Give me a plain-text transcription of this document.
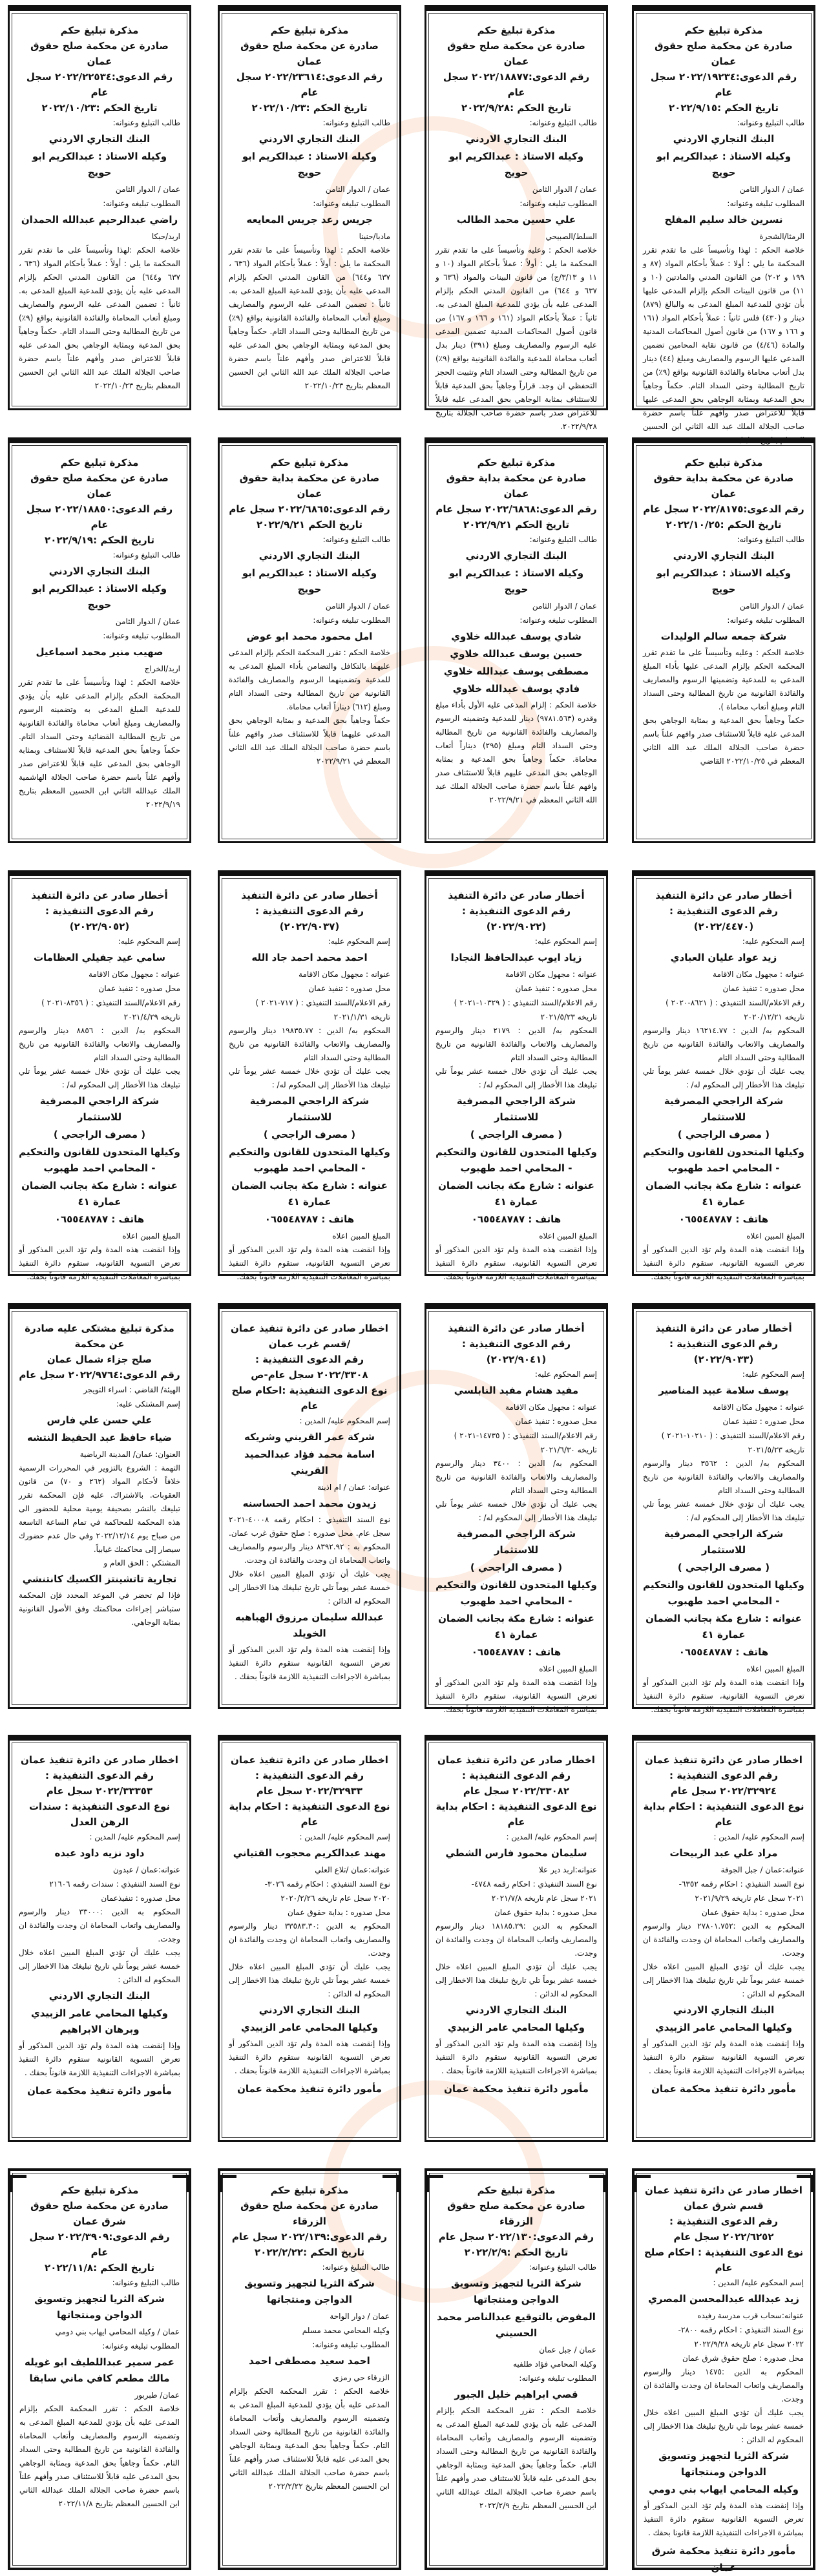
مذكرة تبليغ حكم
صادرة عن محكمة صلح حقوق عمان
رقم الدعوى:٢٠٢٢/١٩٢٣٤ سجل عام
تاريخ الحكم :٢٠٢٢/٩/١٥
طالب التبليغ وعنوانه:
البنك التجاري الاردني
وكيله الاستاذ : عبدالكريم ابو حويج
عمان / الدوار الثامن
المطلوب تبليغه وعنوانه:
نسرين خالد سليم المفلح
الرمثا/الشجرة
خلاصة الحكم : لهذا وتأسيساً على ما تقدم تقرر المحكمة ما يلي : أولا : عملاً بأحكام المواد (٨٧ و ١٩٩ و ٢٠٢) من القانون المدني والمادتين (١٠ و ١١) من قانون البينات الحكم بإلزام المدعى عليها بأن تؤدي للمدعية المبلغ المدعى به والبالغ (٨٧٩) دينار و (٤٣٠) فلس ثانياً : عملاً بأحكام المواد (١٦١ و ١٦٦ و ١٦٧) من قانون أصول المحاكمات المدنية والمادة (٤/٤٦) من قانون نقابة المحامين تضمين المدعى عليها الرسوم والمصاريف ومبلغ (٤٤) دينار بدل أتعاب محاماة والفائدة القانونية بواقع (٩٪) من تاريخ المطالبة وحتى السداد التام. حكماً وجاهياً بحق المدعية وبمثابة الوجاهي بحق المدعى عليها قابلاً للاعتراض صدر وأفهم علناً باسم حضرة صاحب الجلالة الملك عبد الله الثاني ابن الحسين المعظم بتاريخ ٢٠٢٢/٩/١٥
مذكرة تبليغ حكم
صادرة عن محكمة صلح حقوق عمان
رقم الدعوى:٢٠٢٢/١٨٨٧٧ سجل عام
تاريخ الحكم :٢٠٢٢/٩/٢٨
طالب التبليغ وعنوانه:
البنك التجاري الاردني
وكيله الاستاذ : عبدالكريم ابو حويج
عمان / الدوار الثامن
المطلوب تبليغه وعنوانه:
علي حسين محمد الطالب
السلط/الصبيحي
خلاصة الحكم : وعليه وتأسيساً على ما تقدم تقرر المحكمة ما يلي : أولاً : عملاً بأحكام المواد (١٠ و ١١ و ٣/١٣/ج) من قانون البينات والمواد (٦٣٦ و ٦٣٧ و ٦٤٤) من القانون المدني الحكم بإلزام المدعى عليه بأن يؤدي للمدعية المبلغ المدعى به. ثانياً : عملاً بأحكام المواد (١٦١ و ١٦٦ و ١٦٧) من قانون أصول المحاكمات المدنية تضمين المدعى عليه الرسوم والمصاريف ومبلغ (٣٩١) دينار بدل أتعاب محاماة للمدعية والفائدة القانونية بواقع (٩٪) من تاريخ المطالبة وحتى السداد التام وتثبيت الحجز التحفظي ان وجد. قراراً وجاهياً بحق المدعية قابلاً للاستئناف بمثابة الوجاهي بحق المدعى عليه قابلاً للاعتراض صدر باسم حضرة صاحب الجلالة بتاريخ ٢٠٢٢/٩/٢٨.
مذكرة تبليغ حكم
صادرة عن محكمة صلح حقوق عمان
رقم الدعوى:٢٠٢٢/٢٣٦١٤ سجل عام
تاريخ الحكم :٢٠٢٢/١٠/٢٣
طالب التبليغ وعنوانه:
البنك التجاري الاردني
وكيله الاستاذ : عبدالكريم ابو حويج
عمان / الدوار الثامن
المطلوب تبليغه وعنوانه:
جريس رعد جريس المعايعه
مادبا/حنينا
خلاصة الحكم : لهذا وتأسيساً على ما تقدم تقرر المحكمة ما يلي : أولاً : عملاً بأحكام المواد (٦٣٦ ، ٦٣٧ و٦٤٤) من القانون المدني الحكم بإلزام المدعى عليه بأن يؤدي للمدعية المبلغ المدعى به. ثانياً : تضمين المدعى عليه الرسوم والمصاريف ومبلغ أتعاب المحاماة والفائدة القانونية بواقع (٩٪) من تاريخ المطالبة وحتى السداد التام. حكماً وجاهياً بحق المدعية وبمثابة الوجاهي بحق المدعى عليه قابلاً للاعتراض صدر وأفهم علناً باسم حضرة صاحب الجلالة الملك عبد الله الثاني ابن الحسين المعظم بتاريخ ٢٠٢٢/١٠/٢٣
مذكرة تبليغ حكم
صادرة عن محكمة صلح حقوق عمان
رقم الدعوى:٢٠٢٢/٢٢٥٣٤ سجل عام
تاريخ الحكم :٢٠٢٢/١٠/٢٣
طالب التبليغ وعنوانه:
البنك التجاري الاردني
وكيله الاستاذ : عبدالكريم ابو حويج
عمان / الدوار الثامن
المطلوب تبليغه وعنوانه:
راضي عبدالرحيم عبدالله الحمدان
اربد/حبكا
خلاصة الحكم :لهذا وتأسيساً على ما تقدم تقرر المحكمة ما يلي : أولاً : عملاً بأحكام المواد (٦٣٦ ، ٦٣٧ و٦٤٤) من القانون المدني الحكم بإلزام المدعى عليه بأن يؤدي للمدعية المبلغ المدعى به. ثانياً : تضمين المدعى عليه الرسوم والمصاريف ومبلغ أتعاب المحاماة والفائدة القانونية بواقع (٩٪) من تاريخ المطالبة وحتى السداد التام. حكماً وجاهياً بحق المدعية وبمثابة الوجاهي بحق المدعى عليه قابلاً للاعتراض صدر وأفهم علناً باسم حضرة صاحب الجلالة الملك عبد الله الثاني ابن الحسين المعظم بتاريخ ٢٠٢٢/١٠/٢٣
مذكرة تبليغ حكم
صادرة عن محكمة بداية حقوق عمان
رقم الدعوى:٢٠٢٢/٨١٧٥ سجل عام
تاريخ الحكم :٢٠٢٢/١٠/٢٥
طالب التبليغ وعنوانه:
البنك التجاري الاردني
وكيله الاستاذ : عبدالكريم ابو حويج
عمان / الدوار الثامن
المطلوب تبليغه وعنوانه:
شركة جمعه سالم الوليدات
خلاصة الحكم : وعليه وتأسيساً على ما تقدم تقرر المحكمة الحكم بإلزام المدعى عليها بأداء المبلغ المدعى به للمدعية وتضمينها الرسوم والمصاريف والفائدة القانونية من تاريخ المطالبة وحتى السداد التام ومبلغ أتعاب محاماة ).
حكماً وجاهياً بحق المدعية و بمثابة الوجاهي بحق المدعى عليه قابلاً للاستئناف صدر وافهم علناً باسم حضرة صاحب الجلالة الملك عبد الله الثاني المعظم في ٢٠٢٢/١٠/٢٥ القاضي
مذكرة تبليغ حكم
صادرة عن محكمة بداية حقوق عمان
رقم الدعوى:٢٠٢٢/٦٨٦٨ سجل عام
تاريخ الحكم ٢٠٢٢/٩/٢١
طالب التبليغ وعنوانه:
البنك التجاري الاردني
وكيله الاستاذ : عبدالكريم ابو حويج
عمان / الدوار الثامن
المطلوب تبليغه وعنوانه:
شادي يوسف عبدالله خلاوي
حسين يوسف عبدالله خلاوي
مصطفى يوسف عبدالله خلاوي
فادي يوسف عبدالله خلاوي
خلاصة الحكم : إلزام المدعى عليه الأول بأداء مبلغ وقدره (٩٧٨١.٥٦٣) دينار للمدعية وتضمينه الرسوم والمصاريف والفائدة القانونية من تاريخ المطالبة وحتى السداد التام ومبلغ (٢٩٥) ديناراً أتعاب محاماة. حكماً وجاهياً بحق المدعية و بمثابة الوجاهي بحق المدعى عليهم قابلاً للاستئناف صدر وافهم علناً باسم حضرة صاحب الجلالة الملك عبد الله الثاني المعظم في ٢٠٢٢/٩/٢١
مذكرة تبليغ حكم
صادرة عن محكمة بداية حقوق عمان
رقم الدعوى:٢٠٢٢/٦٨٦٥ سجل عام
تاريخ الحكم ٢٠٢٢/٩/٢١
طالب التبليغ وعنوانه:
البنك التجاري الاردني
وكيله الاستاذ : عبدالكريم ابو حويج
عمان / الدوار الثامن
المطلوب تبليغه وعنوانه:
امل محمود محمد ابو عوض
خلاصة الحكم : تقرر المحكمة الحكم بإلزام المدعى عليهما بالتكافل والتضامن بأداء المبلغ المدعى به للمدعية وتضمينهما الرسوم والمصاريف والفائدة القانونية من تاريخ المطالبة وحتى السداد التام ومبلغ (٦١٢) ديناراً أتعاب محاماة.
حكماً وجاهياً بحق المدعية و بمثابة الوجاهي بحق المدعى عليهما قابلاً للاستئناف صدر وافهم علناً باسم حضرة صاحب الجلالة الملك عبد الله الثاني المعظم في ٢٠٢٢/٩/٢١
مذكرة تبليغ حكم
صادرة عن محكمة صلح حقوق عمان
رقم الدعوى:٢٠٢٢/١٨٨٥٠ سجل عام
تاريخ الحكم :٢٠٢٢/٩/١٩
طالب التبليغ وعنوانه:
البنك التجاري الاردني
وكيله الاستاذ : عبدالكريم ابو حويج
عمان / الدوار الثامن
المطلوب تبليغه وعنوانه:
صهيب منير محمد اسماعيل
اربد/الخراج
خلاصة الحكم : لهذا وتأسيساً على ما تقدم تقرر المحكمة الحكم بإلزام المدعى عليه بأن يؤدي للمدعية المبلغ المدعى به وتضمينه الرسوم والمصاريف ومبلغ أتعاب محاماة والفائدة القانونية من تاريخ المطالبة القضائية وحتى السداد التام. حكماً وجاهياً بحق المدعية قابلاً للاستئناف وبمثابة الوجاهي بحق المدعى عليه قابلاً للاعتراض صدر وأفهم علناً باسم حضرة صاحب الجلالة الهاشمية الملك عبدالله الثاني ابن الحسين المعظم بتاريخ ٢٠٢٢/٩/١٩
أخطار صادر عن دائرة التنفيذ
رقم الدعوى التنفيذية :
(٢٠٢٢/٤٤٧٠)
إسم المحكوم عليه:
زيد عواد عليان العبادي
عنوانه : مجهول مكان الاقامة
محل صدوره : تنفيذ عمان
رقم الاعلام/السند التنفيذي : ( ٨٦٢١-٢٠٢٠ )
تاريخه ٢٠٢٠/١٢/٢١
المحكوم به/ الدين : ١٦٢١٤.٧٧ دينار والرسوم والمصاريف والاتعاب والفائدة القانونية من تاريخ المطالبة وحتى السداد التام
يجب عليك أن تؤدي خلال خمسة عشر يوماً تلي تبليغك هذا الأخطار إلى المحكوم له/ :
شركة الراجحي المصرفية للاستثمار
( مصرف الراجحي )
وكيلها المتحدون للقانون والتحكيم - المحامي احمد طهبوب
عنوانه : شارع مكة بجانب الضمان عمارة ٤١
هاتف : ٠٦٥٥٤٨٧٨٧
المبلغ المبين اعلاه
وإذا انقضت هذه المدة ولم تؤد الدين المذكور أو تعرض التسوية القانونية، ستقوم دائرة التنفيذ بمباشرة المعاملات التنفيذية اللازمة قانوناً بحقك.
أخطار صادر عن دائرة التنفيذ
رقم الدعوى التنفيذية :
(٢٠٢٢/٩٠٢٢)
إسم المحكوم عليه:
زياد ايوب عبدالحافظ النجادا
عنوانه : مجهول مكان الاقامة
محل صدوره : تنفيذ عمان
رقم الاعلام/السند التنفيذي : ( ١٠٣٢٩-٢٠٢١ )
تاريخه ٢٠٢١/٥/٢٣
المحكوم به/ الدين : ٢١٧٩ دينار والرسوم والمصاريف والاتعاب والفائدة القانونية من تاريخ المطالبة وحتى السداد التام
يجب عليك أن تؤدي خلال خمسة عشر يوماً تلي تبليغك هذا الأخطار إلى المحكوم له/ :
شركة الراجحي المصرفية للاستثمار
( مصرف الراجحي )
وكيلها المتحدون للقانون والتحكيم - المحامي احمد طهبوب
عنوانه : شارع مكة بجانب الضمان عمارة ٤١
هاتف : ٠٦٥٥٤٨٧٨٧
المبلغ المبين اعلاه
وإذا انقضت هذه المدة ولم تؤد الدين المذكور أو تعرض التسوية القانونية، ستقوم دائرة التنفيذ بمباشرة المعاملات التنفيذية اللازمة قانوناً بحقك.
أخطار صادر عن دائرة التنفيذ
رقم الدعوى التنفيذية :
(٢٠٢٢/٩٠٣٧)
إسم المحكوم عليه:
احمد محمد احمد جاد الله
عنوانه : مجهول مكان الاقامة
محل صدوره : تنفيذ عمان
رقم الاعلام/السند التنفيذي : ( ٧١٧-٢٠٢١ )
تاريخه ٢٠٢١/١/٣١
المحكوم به/ الدين : ١٩٨٣٥.٧٧ دينار والرسوم والمصاريف والاتعاب والفائدة القانونية من تاريخ المطالبة وحتى السداد التام
يجب عليك أن تؤدي خلال خمسة عشر يوماً تلي تبليغك هذا الأخطار إلى المحكوم له/ :
شركة الراجحي المصرفية للاستثمار
( مصرف الراجحي )
وكيلها المتحدون للقانون والتحكيم - المحامي احمد طهبوب
عنوانه : شارع مكة بجانب الضمان عمارة ٤١
هاتف : ٠٦٥٥٤٨٧٨٧
المبلغ المبين اعلاه
وإذا انقضت هذه المدة ولم تؤد الدين المذكور أو تعرض التسوية القانونية، ستقوم دائرة التنفيذ بمباشرة المعاملات التنفيذية اللازمة قانوناً بحقك.
أخطار صادر عن دائرة التنفيذ
رقم الدعوى التنفيذية :
(٢٠٢٢/٩٠٥٢)
إسم المحكوم عليه:
سامي عيد جفيلي العظامات
عنوانه : مجهول مكان الاقامة
محل صدوره : تنفيذ عمان
رقم الاعلام/السند التنفيذي : ( ٨٣٥٦-٢٠٢١ )
تاريخه ٢٠٢١/٤/٢٩
المحكوم به/ الدين : ٨٨٥٦ دينار والرسوم والمصاريف والاتعاب والفائدة القانونية من تاريخ المطالبة وحتى السداد التام
يجب عليك أن تؤدي خلال خمسة عشر يوماً تلي تبليغك هذا الأخطار إلى المحكوم له/ :
شركة الراجحي المصرفية للاستثمار
( مصرف الراجحي )
وكيلها المتحدون للقانون والتحكيم - المحامي احمد طهبوب
عنوانه : شارع مكة بجانب الضمان عمارة ٤١
هاتف : ٠٦٥٥٤٨٧٨٧
المبلغ المبين اعلاه
وإذا انقضت هذه المدة ولم تؤد الدين المذكور أو تعرض التسوية القانونية، ستقوم دائرة التنفيذ بمباشرة المعاملات التنفيذية اللازمة قانوناً بحقك.
أخطار صادر عن دائرة التنفيذ
رقم الدعوى التنفيذية :
(٢٠٢٢/٩٠٣٣)
إسم المحكوم عليه:
يوسف سلامة عبيد المناصير
عنوانه : مجهول مكان الاقامة
محل صدوره : تنفيذ عمان
رقم الاعلام/السند التنفيذي : ( ١٠٢١٠-٢٠٢١ )
تاريخه ٢٠٢١/٥/٢٣
المحكوم به/ الدين : ٣٥٦٢ دينار والرسوم والمصاريف والاتعاب والفائدة القانونية من تاريخ المطالبة وحتى السداد التام
يجب عليك أن تؤدي خلال خمسة عشر يوماً تلي تبليغك هذا الأخطار إلى المحكوم له/ :
شركة الراجحي المصرفية للاستثمار
( مصرف الراجحي )
وكيلها المتحدون للقانون والتحكيم - المحامي احمد طهبوب
عنوانه : شارع مكة بجانب الضمان عمارة ٤١
هاتف : ٠٦٥٥٤٨٧٨٧
المبلغ المبين اعلاه
وإذا انقضت هذه المدة ولم تؤد الدين المذكور أو تعرض التسوية القانونية، ستقوم دائرة التنفيذ بمباشرة المعاملات التنفيذية اللازمة قانوناً بحقك.
أخطار صادر عن دائرة التنفيذ
رقم الدعوى التنفيذية :
(٢٠٢٢/٩٠٤١)
إسم المحكوم عليه:
مفيد هشام مفيد النابلسي
عنوانه : مجهول مكان الاقامة
محل صدوره : تنفيذ عمان
رقم الاعلام/السند التنفيذي : ( ١٤٧٣٥-٢٠٢١ )
تاريخه ٢٠٢١/٦/٣٠
المحكوم به/ الدين : ٣٤٠٠ دينار والرسوم والمصاريف والاتعاب والفائدة القانونية من تاريخ المطالبة وحتى السداد التام
يجب عليك أن تؤدي خلال خمسة عشر يوماً تلي تبليغك هذا الأخطار إلى المحكوم له/ :
شركة الراجحي المصرفية للاستثمار
( مصرف الراجحي )
وكيلها المتحدون للقانون والتحكيم - المحامي احمد طهبوب
عنوانه : شارع مكة بجانب الضمان عمارة ٤١
هاتف : ٠٦٥٥٤٨٧٨٧
المبلغ المبين اعلاه
وإذا انقضت هذه المدة ولم تؤد الدين المذكور أو تعرض التسوية القانونية، ستقوم دائرة التنفيذ بمباشرة المعاملات التنفيذية اللازمة قانوناً بحقك.
اخطار صادر عن دائرة تنفيذ عمان /قسم غرب عمان
رقم الدعوى التنفيذية :
٢٠٢٢/٣٣٠٨ سجل عام-ص
نوع الدعوى التنفيذية :احكام صلح عام
إسم المحكوم عليه/ المدين :
شركة عمر القريني وشريكه
اسامة محمد فؤاد عبدالحميد القريني
عنوانه: عمان / ام اذينة
زيدون محمد احمد الحساسنه
نوع السند التنفيذي : احكام رقمه ٤٠٠٠٨-٢٠٢١ سجل عام. محل صدوره : صلح حقوق غرب عمان. المحكوم به : ٨٣٩٢.٩٢ دينار والرسوم والمصاريف واتعاب المحاماة ان وجدت والفائدة ان وجدت.
يجب عليك أن تؤدي المبلغ المبين اعلاه خلال خمسة عشر يوماً تلي تاريخ تبليغك هذا الاخطار إلى المحكوم له الدائن :
عبدالله سليمان مرزوق الهباهبه الخويلد
وإذا إنقضت هذه المدة ولم تؤد الدين المذكور أو تعرض التسوية القانونية ستقوم دائرة التنفيذ بمباشرة الاجراءات التنفيذية اللازمة قانوناً بحقك .
مذكرة تبليغ مشتكى عليه صادرة عن محكمة
صلح جزاء شمال عمان
رقم الدعوى:٢٠٢٢/٩٧٦٤ سجل عام
الهيئة/ القاضي : اسراء التويجر
إسم المشتكى عليه:
علي حسن علي فارس
ضياء حافظ عبد الحفيظ النتشه
العنوان: عمان/ المدينة الرياضية
التهمة : الشروع بالتزوير في المحررات الرسمية خلافاً لأحكام المواد (٢٦٢ و ٧٠) من قانون العقوبات. بالاشتراك. عليه فإن المحكمة تقرر تبليغك بالنشر بصحيفة يومية محلية للحضور الى هذه المحكمة للمحاكمة في تمام الساعة التاسعة من صباح يوم ٢٠٢٢/١٢/١٤ وفي حال عدم حضورك سيصار إلى محاكمتك غيابياً.
المشتكي : الحق العام و
تجارية تاتشينتز الكسيك كانتنشي
فإذا لم تحضر في الموعد المحدد فإن المحكمة ستباشر إجراءات محاكمتك وفق الأصول القانونية بمثابة الوجاهي.
اخطار صادر عن دائرة تنفيذ عمان
رقم الدعوى التنفيذية :
٢٠٢٢/٣٢٩٢٤ سجل عام
نوع الدعوى التنفيذية : احكام بداية عام
إسم المحكوم عليه/ المدين :
مراد علي عبد الربيحات
عنوانه:عمان / جبل الجوفة
نوع السند التنفيذي : احكام رقمه ٦٣٥٢-
٢٠٢١ سجل عام تاريخه ٢٠٢١/٩/٢٩
محل صدوره : بداية حقوق عمان
المحكوم به الدين :٢٧٨٠١.٧٥٢ دينار والرسوم والمصاريف واتعاب المحاماة ان وجدت والفائدة ان وجدت.
يجب عليك أن تؤدي المبلغ المبين اعلاه خلال خمسة عشر يوماً تلي تاريخ تبليغك هذا الاخطار إلى المحكوم له الدائن :
البنك التجاري الاردني
وكيلها المحامي عامر الزبيدي
وإذا إنقضت هذه المدة ولم تؤد الدين المذكور أو تعرض التسوية القانونية ستقوم دائرة التنفيذ بمباشرة الاجراءات التنفيذية اللازمة قانوناً بحقك .
مأمور دائرة تنفيذ محكمة عمان
اخطار صادر عن دائرة تنفيذ عمان
رقم الدعوى التنفيذية :
٢٠٢٢/٣٣٠٨٢ سجل عام
نوع الدعوى التنفيذية : احكام بداية عام
إسم المحكوم عليه/ المدين :
سليمان محمود فارس الشطي
عنوانه:اربد دير علا
نوع السند التنفيذي : احكام رقمه ٤٧٤٨-
٢٠٢١ سجل عام تاريخه ٢٠٢١/٧/٨
محل صدوره : بداية حقوق عمان
المحكوم به الدين :١٨١٨٥.٢٩ دينار والرسوم والمصاريف واتعاب المحاماة ان وجدت والفائدة ان وجدت.
يجب عليك أن تؤدي المبلغ المبين اعلاه خلال خمسة عشر يوماً تلي تاريخ تبليغك هذا الاخطار إلى المحكوم له الدائن :
البنك التجاري الاردني
وكيلها المحامي عامر الزبيدي
وإذا إنقضت هذه المدة ولم تؤد الدين المذكور أو تعرض التسوية القانونية ستقوم دائرة التنفيذ بمباشرة الاجراءات التنفيذية اللازمة قانوناً بحقك .
مأمور دائرة تنفيذ محكمة عمان
اخطار صادر عن دائرة تنفيذ عمان
رقم الدعوى التنفيذية :
٢٠٢٢/٣٢٩٣٣ سجل عام
نوع الدعوى التنفيذية : احكام بداية عام
إسم المحكوم عليه/ المدين :
مهند عبدالكريم محجوب القتياني
عنوانه:عمان /تلاع العلي
نوع السند التنفيذي : احكام رقمه ٣٠٢٦-
٢٠٢٠ سجل عام تاريخه ٢٠٢٠/٢/٢٦
محل صدوره : بداية حقوق عمان
المحكوم به الدين :٣٣٥٨٣.٣٠ دينار والرسوم والمصاريف واتعاب المحاماة ان وجدت والفائدة ان وجدت.
يجب عليك أن تؤدي المبلغ المبين اعلاه خلال خمسة عشر يوماً تلي تاريخ تبليغك هذا الاخطار إلى المحكوم له الدائن :
البنك التجاري الاردني
وكيلها المحامي عامر الزبيدي
وإذا إنقضت هذه المدة ولم تؤد الدين المذكور أو تعرض التسوية القانونية ستقوم دائرة التنفيذ بمباشرة الاجراءات التنفيذية اللازمة قانوناً بحقك .
مأمور دائرة تنفيذ محكمة عمان
اخطار صادر عن دائرة تنفيذ عمان
رقم الدعوى التنفيذية :
٢٠٢٢/٣٣٣٥٣ سجل عام
نوع الدعوى التنفيذية : سندات الرهن العدل
إسم المحكوم عليه/ المدين :
داود نزيه داود عبده
عنوانه:عمان / عبدون
نوع السند التنفيذي : سندات رقمه ٢١٦٠٦
محل صدوره : تنفيذعمان
المحكوم به الدين :٣٣٠٠٠ دينار والرسوم والمصاريف واتعاب المحاماة ان وجدت والفائدة ان وجدت.
يجب عليك أن تؤدي المبلغ المبين اعلاه خلال خمسة عشر يوماً تلي تاريخ تبليغك هذا الاخطار إلى المحكوم له الدائن :
البنك التجاري الاردني
وكيلها المحامي عامر الزبيدي وبرهان الابراهيم
وإذا إنقضت هذه المدة ولم تؤد الدين المذكور أو تعرض التسوية القانونية ستقوم دائرة التنفيذ بمباشرة الاجراءات التنفيذية اللازمة قانوناً بحقك .
مأمور دائرة تنفيذ محكمة عمان
اخطار صادر عن دائرة تنفيذ عمان
قسم شرق عمان
رقم الدعوى التنفيذية :
٢٠٢٢/٦٢٥٢ سجل عام
نوع الدعوى التنفيذية : احكام صلح عام
إسم المحكوم عليه/ المدين :
زيد عبدالله عبدالمحسن المصري
عنوانه:سحاب قرب مدرسة رفيده
نوع السند التنفيذي : احكام رقمه ٢٨٠٠-
٢٠٢٢ سجل عام تاريخه ٢٠٢٢/٩/٢٨
محل صدوره : صلح حقوق شرق عمان
المحكوم به الدين :١٤٧٥ دينار والرسوم والمصاريف واتعاب المحاماة ان وجدت والفائدة ان وجدت.
يجب عليك أن تؤدي المبلغ المبين اعلاه خلال خمسة عشر يوما تلي تاريخ تبليغك هذا الاخطار إلى المحكوم له الدائن :
شركة الثريا لتجهيز وتسويق الدواجن ومنتجاتها
وكيله المحامي ايهاب بني دومي
وإذا إنقضت هذه المدة ولم تؤد الدين المذكور أو تعرض التسوية القانونية ستقوم دائرة التنفيذ بمباشرة الاجراءات التنفيذية اللازمة قانونا بحقك .
مأمور دائرة تنفيذ محكمة شرق عمان
مذكرة تبليغ حكم
صادرة عن محكمة صلح حقوق الزرقاء
رقم الدعوى:٢٠٢٢/١٣٠ سجل عام
تاريخ الحكم :٢٠٢٢/٢/٩
طالب التبليغ وعنوانه:
شركة الثريا لتجهيز وتسويق الدواجن ومنتجاتها
المفوض بالتوقيع عبدالناصر محمد الحسيني
عمان / جبل عمان
وكيله المحامي فؤاد طلفيه
المطلوب تبليغه وعنوانه:
قصي ابراهيم خليل الجبور
خلاصة الحكم : تقرر المحكمة الحكم بإلزام المدعى عليه بأن يؤدي للمدعية المبلغ المدعى به وتضمينه الرسوم والمصاريف وأتعاب المحاماة والفائدة القانونية من تاريخ المطالبة وحتى السداد التام. حكماً وجاهياً بحق المدعية وبمثابة الوجاهي بحق المدعى عليه قابلاً للاستئناف صدر وأفهم علناً باسم حضرة صاحب الجلالة الملك عبدالله الثاني ابن الحسين المعظم بتاريخ ٢٠٢٢/٢/٩
مذكرة تبليغ حكم
صادرة عن محكمة صلح حقوق الزرقاء
رقم الدعوى:٢٠٢٢/١٣٩ سجل عام
تاريخ الحكم :٢٠٢٢/٢/٢٢
طالب التبليغ وعنوانه:
شركة الثريا لتجهيز وتسويق الدواجن ومنتجاتها
عمان / دوار الواحة
وكيله المحامي محمد مسلم
المطلوب تبليغه وعنوانه:
احمد سعيد مصطفى احمد
الزرقاء حي رمزي
خلاصة الحكم : تقرر المحكمة الحكم بإلزام المدعى عليه بأن يؤدي للمدعية المبلغ المدعى به وتضمينه الرسوم والمصاريف وأتعاب المحاماة والفائدة القانونية من تاريخ المطالبة وحتى السداد التام. حكماً وجاهياً بحق المدعية وبمثابة الوجاهي بحق المدعى عليه قابلاً للاستئناف صدر وأفهم علناً باسم حضرة صاحب الجلالة الملك عبدالله الثاني ابن الحسين المعظم بتاريخ ٢٠٢٢/٢/٢٢
مذكرة تبليغ حكم
صادرة عن محكمة صلح حقوق
شرق عمان
رقم الدعوى:٢٠٢٢/٣٩٠٩ سجل عام
تاريخ الحكم :٢٠٢٢/١١/٨
طالب التبليغ وعنوانه:
شركة الثريا لتجهيز وتسويق الدواجن ومنتجاتها
عمان / وكيله المحامي ايهاب بني دومي
المطلوب تبليغه وعنوانه:
عمر سمير عبداللطيف ابو غويله مالك مطعم كافي ماني سابقا
عمان/ طبربور
خلاصة الحكم : تقرر المحكمة الحكم بإلزام المدعى عليه بأن يؤدي للمدعية المبلغ المدعى به وتضمينه الرسوم والمصاريف وأتعاب المحاماة والفائدة القانونية من تاريخ المطالبة وحتى السداد التام. حكماً وجاهياً بحق المدعية وبمثابة الوجاهي بحق المدعى عليه قابلاً للاستئناف صدر وأفهم علناً باسم حضرة صاحب الجلالة الملك عبدالله الثاني ابن الحسين المعظم بتاريخ ٢٠٢٢/١١/٨
